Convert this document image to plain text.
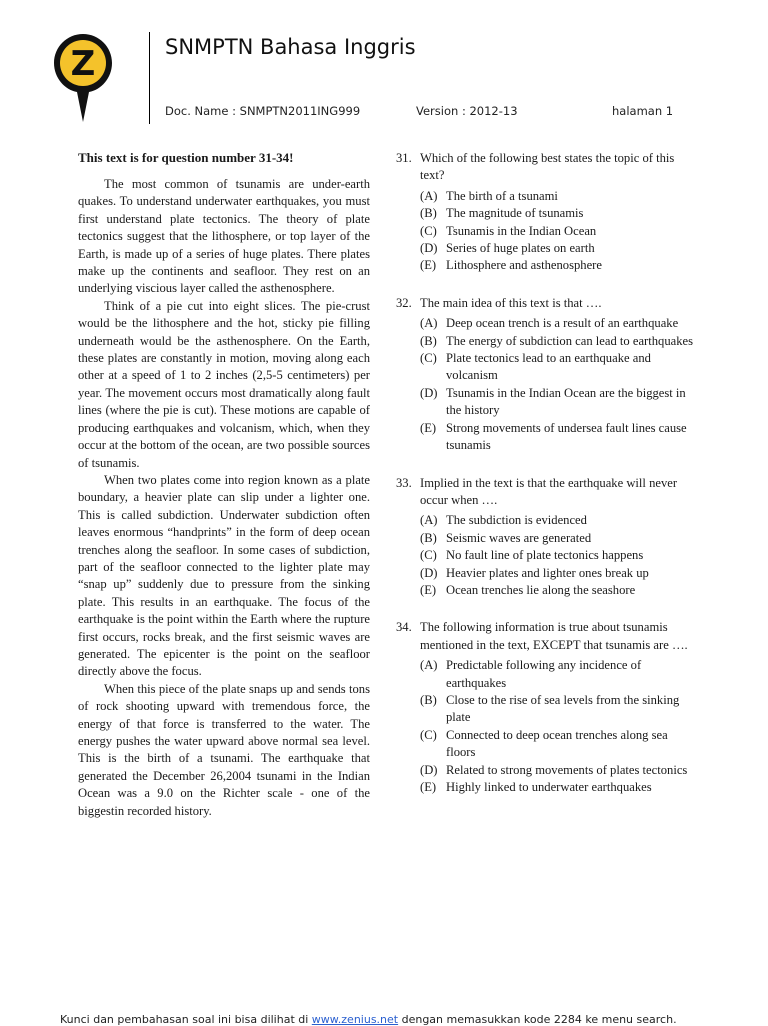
Z	SNMPTN Bahasa Inggris
Doc. Name : SNMPTN2011ING999	Version : 2012-13	halaman 1

This text is for question number 31-34!

The most common of tsunamis are under-earth quakes. To understand underwater earthquakes, you must first understand plate tectonics. The theory of plate tectonics suggest that the lithosphere, or top layer of the Earth, is made up of a series of huge plates. There plates make up the continents and seafloor. They rest on an underlying viscious layer called the asthenosphere.

Think of a pie cut into eight slices. The pie-crust would be the lithosphere and the hot, sticky pie filling underneath would be the asthenosphere. On the Earth, these plates are constantly in motion, moving along each other at a speed of 1 to 2 inches (2,5-5 centimeters) per year. The movement occurs most dramatically along fault lines (where the pie is cut). These motions are capable of producing earthquakes and volcanism, which, when they occur at the bottom of the ocean, are two possible sources of tsunamis.

When two plates come into region known as a plate boundary, a heavier plate can slip under a lighter one. This is called subdiction. Underwater subdiction often leaves enormous “handprints” in the form of deep ocean trenches along the seafloor. In some cases of subdiction, part of the seafloor connected to the lighter plate may “snap up” suddenly due to pressure from the sinking plate. This results in an earthquake. The focus of the earthquake is the point within the Earth where the rupture first occurs, rocks break, and the first seismic waves are generated. The epicenter is the point on the seafloor directly above the focus.

When this piece of the plate snaps up and sends tons of rock shooting upward with tremendous force, the energy of that force is transferred to the water. The energy pushes the water upward above normal sea level. This is the birth of a tsunami. The earthquake that generated the December 26,2004 tsunami in the Indian Ocean was a 9.0 on the Richter scale - one of the biggestin recorded history.

31. Which of the following best states the topic of this text?
(A) The birth of a tsunami
(B) The magnitude of tsunamis
(C) Tsunamis in the Indian Ocean
(D) Series of huge plates on earth
(E) Lithosphere and asthenosphere
32. The main idea of this text is that ….
(A) Deep ocean trench is a result of an earthquake
(B) The energy of subdiction can lead to earthquakes
(C) Plate tectonics lead to an earthquake and volcanism
(D) Tsunamis in the Indian Ocean are the biggest in the history
(E) Strong movements of undersea fault lines cause tsunamis
33. Implied in the text is that the earthquake will never occur when ….
(A) The subdiction is evidenced
(B) Seismic waves are generated
(C) No fault line of plate tectonics happens
(D) Heavier plates and lighter ones break up
(E) Ocean trenches lie along the seashore
34. The following information is true about tsunamis mentioned in the text, EXCEPT that tsunamis are ….
(A) Predictable following any incidence of earthquakes
(B) Close to the rise of sea levels from the sinking plate
(C) Connected to deep ocean trenches along sea floors
(D) Related to strong movements of plates tectonics
(E) Highly linked to underwater earthquakes
Kunci dan pembahasan soal ini bisa dilihat di www.zenius.net dengan memasukkan kode 2284 ke menu search.
